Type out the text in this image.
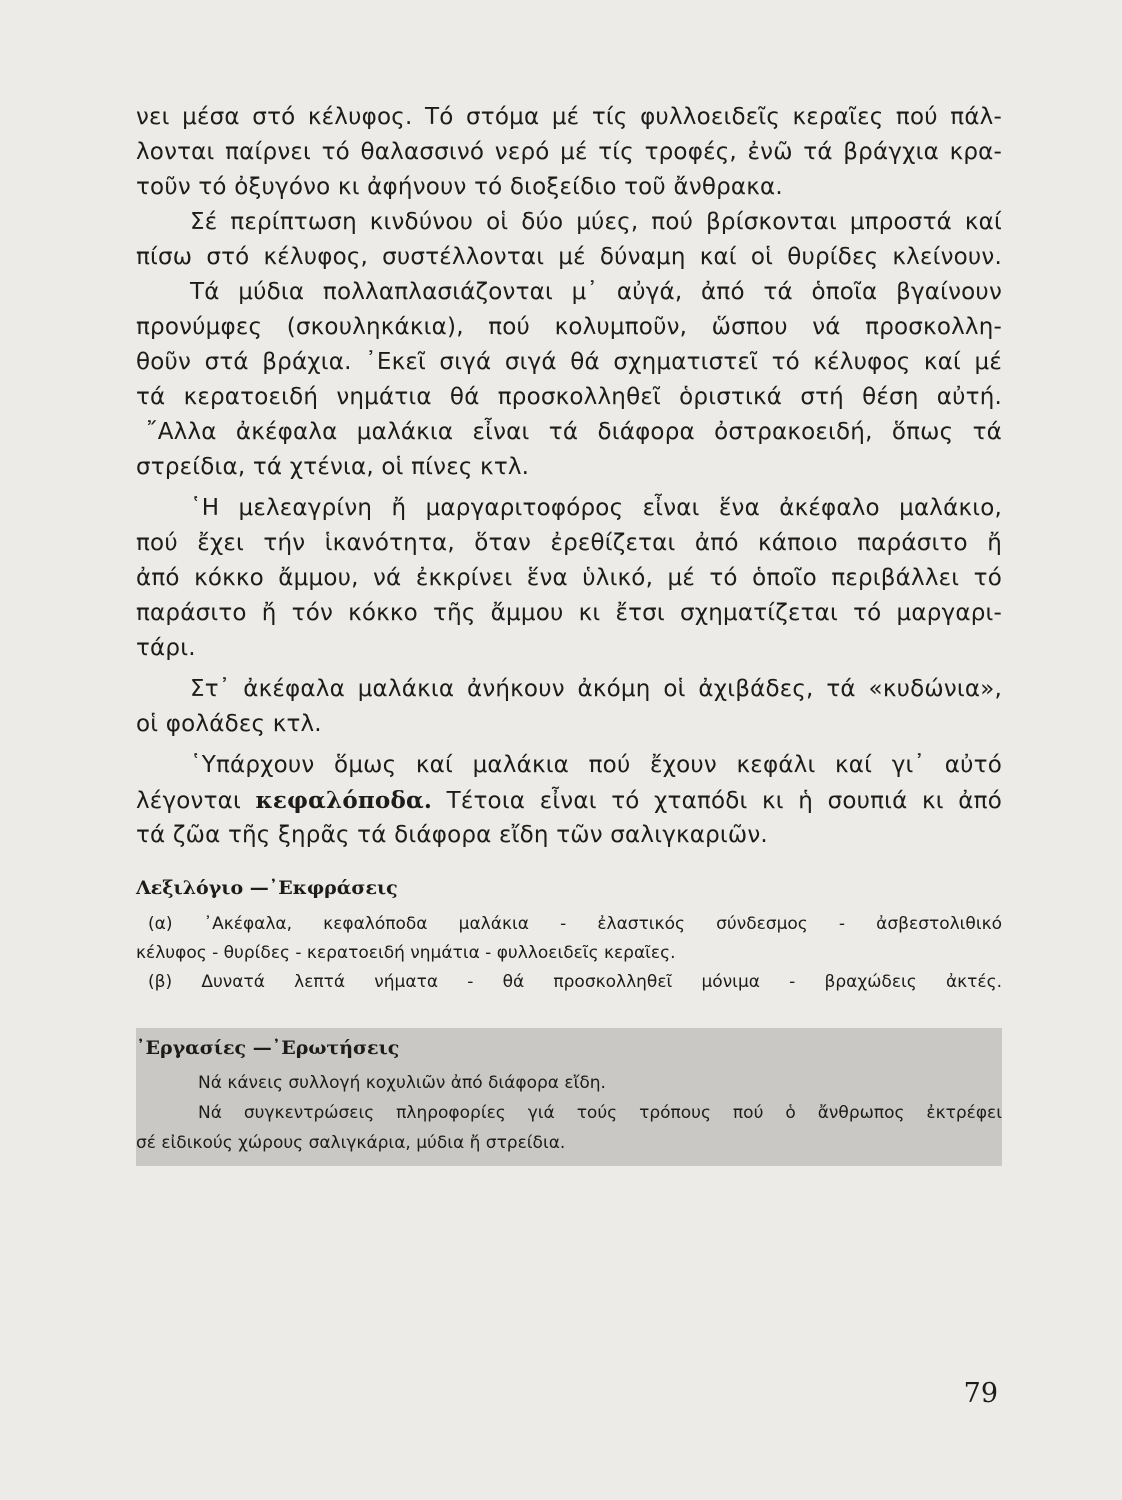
νει μέσα στό κέλυφος. Τό στόμα μέ τίς φυλλοειδεῖς κεραῖες πού πάλ-
λονται παίρνει τό θαλασσινό νερό μέ τίς τροφές, ἐνῶ τά βράγχια κρα-
τοῦν τό ὀξυγόνο κι ἀφήνουν τό διοξείδιο τοῦ ἄνθρακα.
Σέ περίπτωση κινδύνου οἱ δύο μύες, πού βρίσκονται μπροστά καί
πίσω στό κέλυφος, συστέλλονται μέ δύναμη καί οἱ θυρίδες κλείνουν.
Τά μύδια πολλαπλασιάζονται μ᾿ αὐγά, ἀπό τά ὁποῖα βγαίνουν
προνύμφες (σκουληκάκια), πού κολυμποῦν, ὥσπου νά προσκολλη-
θοῦν στά βράχια. ᾿Εκεῖ σιγά σιγά θά σχηματιστεῖ τό κέλυφος καί μέ
τά κερατοειδή νημάτια θά προσκολληθεῖ ὁριστικά στή θέση αὐτή.
῎Αλλα ἀκέφαλα μαλάκια εἶναι τά διάφορα ὀστρακοειδή, ὅπως τά
στρείδια, τά χτένια, οἱ πίνες κτλ.
῾Η μελεαγρίνη ἤ μαργαριτοφόρος εἶναι ἕνα ἀκέφαλο μαλάκιο,
πού ἔχει τήν ἱκανότητα, ὅταν ἐρεθίζεται ἀπό κάποιο παράσιτο ἤ
ἀπό κόκκο ἄμμου, νά ἐκκρίνει ἕνα ὑλικό, μέ τό ὁποῖο περιβάλλει τό
παράσιτο ἤ τόν κόκκο τῆς ἄμμου κι ἔτσι σχηματίζεται τό μαργαρι-
τάρι.
Στ᾿ ἀκέφαλα μαλάκια ἀνήκουν ἀκόμη οἱ ἀχιβάδες, τά «κυδώνια»,
οἱ φολάδες κτλ.
῾Υπάρχουν ὅμως καί μαλάκια πού ἔχουν κεφάλι καί γι᾿ αὐτό
λέγονται κεφαλόποδα. Τέτοια εἶναι τό χταπόδι κι ἡ σουπιά κι ἀπό
τά ζῶα τῆς ξηρᾶς τά διάφορα εἴδη τῶν σαλιγκαριῶν.
Λεξιλόγιο —᾿Εκφράσεις
(α) ᾿Ακέφαλα, κεφαλόποδα μαλάκια - ἐλαστικός σύνδεσμος - ἀσβεστολιθικό
κέλυφος - θυρίδες - κερατοειδή νημάτια - φυλλοειδεῖς κεραῖες.
(β) Δυνατά λεπτά νήματα - θά προσκολληθεῖ μόνιμα - βραχώδεις ἀκτές.
᾿Εργασίες —᾿Ερωτήσεις
Νά κάνεις συλλογή κοχυλιῶν ἀπό διάφορα εἴδη.
Νά συγκεντρώσεις πληροφορίες γιά τούς τρόπους πού ὁ ἄνθρωπος ἐκτρέφει
σέ εἰδικούς χώρους σαλιγκάρια, μύδια ἤ στρείδια.
79
